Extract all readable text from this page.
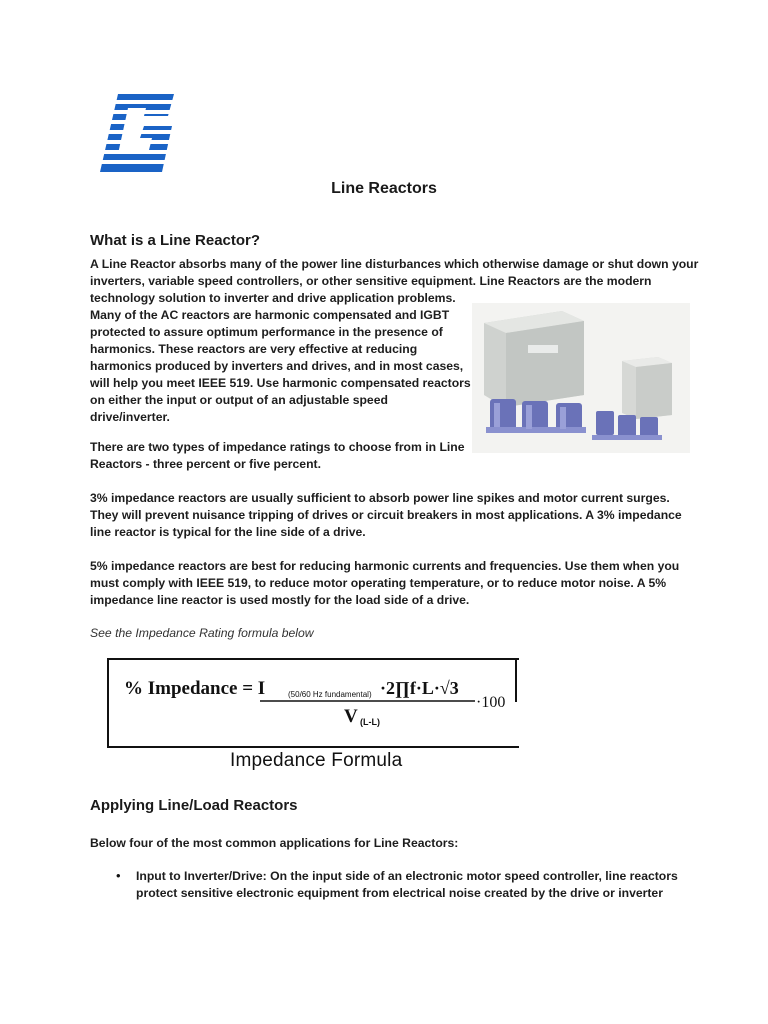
Line Reactors
What is a Line Reactor?
A Line Reactor absorbs many of the power line disturbances which otherwise damage or shut down your
inverters, variable speed controllers, or other sensitive equipment. Line Reactors are the modern
technology solution to inverter and drive application problems.
Many of the AC reactors are harmonic compensated and IGBT
protected to assure optimum performance in the presence of
harmonics. These reactors are very effective at reducing
harmonics produced by inverters and drives, and in most cases,
will help you meet IEEE 519. Use harmonic compensated reactors
on either the input or output of an adjustable speed
drive/inverter.
There are two types of impedance ratings to choose from in Line
Reactors - three percent or five percent.
3% impedance reactors are usually sufficient to absorb power line spikes and motor current surges.
They will prevent nuisance tripping of drives or circuit breakers in most applications. A 3% impedance
line reactor is typical for the line side of a drive.
5% impedance reactors are best for reducing harmonic currents and frequencies. Use them when you
must comply with IEEE 519, to reduce motor operating temperature, or to reduce motor noise. A 5%
impedance line reactor is used mostly for the load side of a drive.
See the Impedance Rating formula below
% Impedance = I	(50/60 Hz fundamental) ·2∏f·L·√3
V (L-L)
·100
Impedance Formula
Applying Line/Load Reactors
Below four of the most common applications for Line Reactors:
• Input to Inverter/Drive: On the input side of an electronic motor speed controller, line reactors
protect sensitive electronic equipment from electrical noise created by the drive or inverter
